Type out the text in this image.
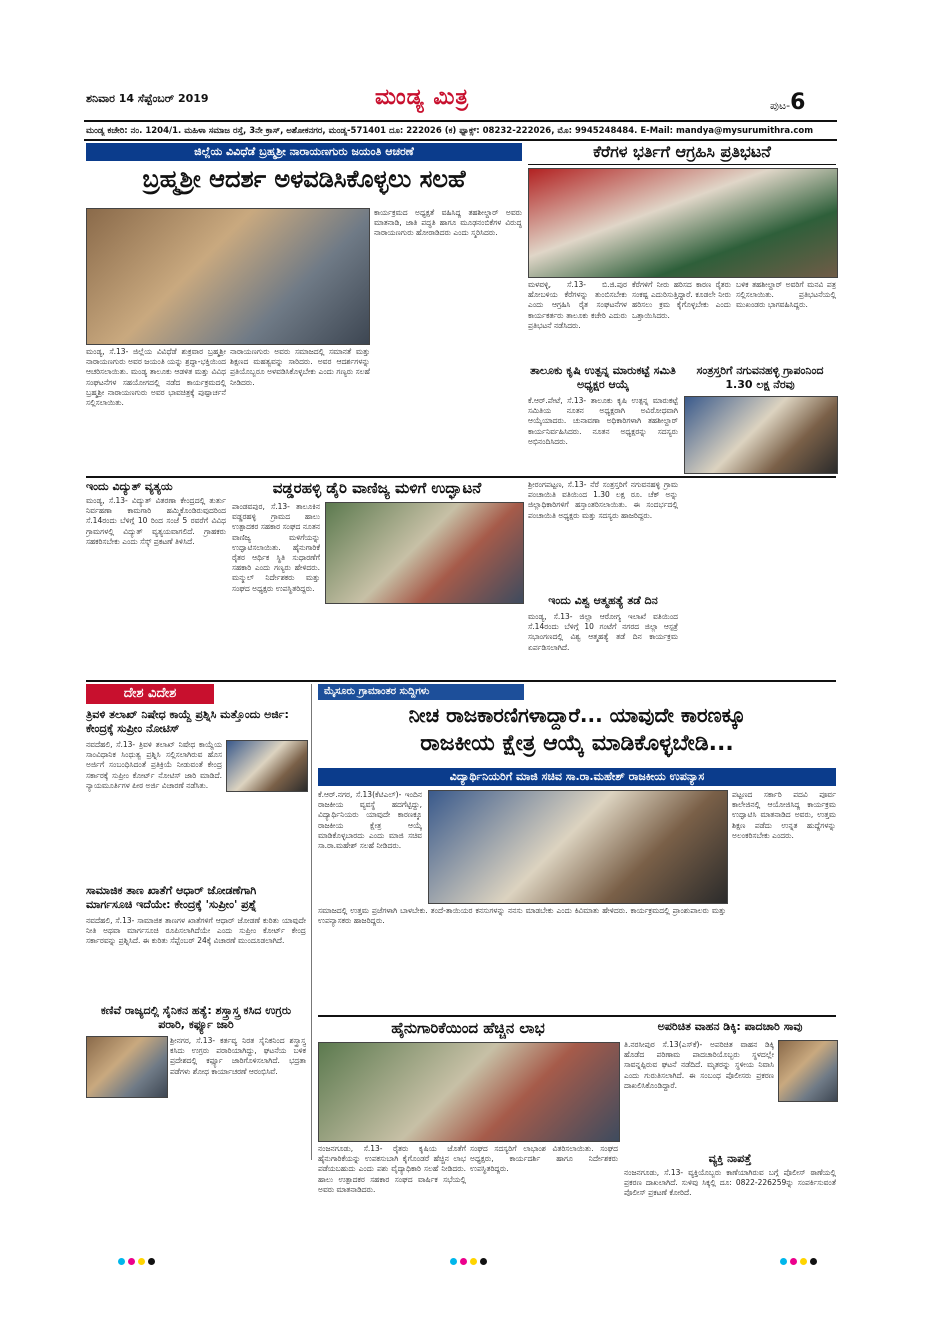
ಶನಿವಾರ 14 ಸೆಪ್ಟೆಂಬರ್ 2019	ಮಂಡ್ಯ ಮಿತ್ರ	ಪುಟ-6
ಮಂಡ್ಯ ಕಚೇರಿ: ನಂ. 1204/1. ಮಹಿಳಾ ಸಮಾಜ ರಸ್ತೆ, 3ನೇ ಕ್ರಾಸ್, ಅಶೋಕನಗರ, ಮಂಡ್ಯ-571401 ದೂ: 222026 (ಕ) ಫ್ಯಾಕ್ಸ್: 08232-222026, ಮೊ: 9945248484. E-Mail: mandya@mysurumithra.com
ಜಿಲ್ಲೆಯ ವಿವಿಧೆಡೆ ಬ್ರಹ್ಮಶ್ರೀ ನಾರಾಯಣಗುರು ಜಯಂತಿ ಆಚರಣೆ
ಬ್ರಹ್ಮಶ್ರೀ ಆದರ್ಶ ಅಳವಡಿಸಿಕೊಳ್ಳಲು ಸಲಹೆ
ಮಂಡ್ಯ, ಸೆ.13- ಜಿಲ್ಲೆಯ ವಿವಿಧೆಡೆ ಶುಕ್ರವಾರ ಬ್ರಹ್ಮಶ್ರೀ ನಾರಾಯಣಗುರು ಅವರ ಜಯಂತಿ ಯನ್ನು ಶ್ರದ್ಧಾ-ಭಕ್ತಿಯಿಂದ ಆಚರಿಸಲಾಯಿತು. ಮಂಡ್ಯ ತಾಲೂಕು ಆಡಳಿತ ಮತ್ತು ವಿವಿಧ ಸಂಘಟನೆಗಳ ಸಹಯೋಗದಲ್ಲಿ ನಡೆದ ಕಾರ್ಯಕ್ರಮದಲ್ಲಿ ಬ್ರಹ್ಮಶ್ರೀ ನಾರಾಯಣಗುರು ಅವರ ಭಾವಚಿತ್ರಕ್ಕೆ ಪುಷ್ಪಾರ್ಚನೆ ಸಲ್ಲಿಸಲಾಯಿತು.
ನಾರಾಯಣಗುರು ಅವರು ಸಮಾಜದಲ್ಲಿ ಸಮಾನತೆ ಮತ್ತು ಶಿಕ್ಷಣದ ಮಹತ್ವವನ್ನು ಸಾರಿದರು. ಅವರ ಆದರ್ಶಗಳನ್ನು ಪ್ರತಿಯೊಬ್ಬರೂ ಅಳವಡಿಸಿಕೊಳ್ಳಬೇಕು ಎಂದು ಗಣ್ಯರು ಸಲಹೆ ನೀಡಿದರು.
ಕಾರ್ಯಕ್ರಮದ ಅಧ್ಯಕ್ಷತೆ ವಹಿಸಿದ್ದ ತಹಶೀಲ್ದಾರ್ ಅವರು ಮಾತನಾಡಿ, ಜಾತಿ ಪದ್ಧತಿ ಹಾಗೂ ಮೂಢನಂಬಿಕೆಗಳ ವಿರುದ್ಧ ನಾರಾಯಣಗುರು ಹೋರಾಡಿದರು ಎಂದು ಸ್ಮರಿಸಿದರು.
ಕೆರೆಗಳ ಭರ್ತಿಗೆ ಆಗ್ರಹಿಸಿ ಪ್ರತಿಭಟನೆ
ಮಳವಳ್ಳಿ, ಸೆ.13- ಬಿ.ಜಿ.ಪುರ ಹೋಬಳಿಯ ಕೆರೆಗಳನ್ನು ತುಂಬಿಸಬೇಕು ಎಂದು ಆಗ್ರಹಿಸಿ ರೈತ ಸಂಘಟನೆಗಳ ಕಾರ್ಯಕರ್ತರು ತಾಲೂಕು ಕಚೇರಿ ಎದುರು ಪ್ರತಿಭಟನೆ ನಡೆಸಿದರು.
ಕೆರೆಗಳಿಗೆ ನೀರು ಹರಿಸದ ಕಾರಣ ರೈತರು ಸಂಕಷ್ಟ ಎದುರಿಸುತ್ತಿದ್ದಾರೆ. ಕೂಡಲೇ ನೀರು ಹರಿಸಲು ಕ್ರಮ ಕೈಗೊಳ್ಳಬೇಕು ಎಂದು ಒತ್ತಾಯಿಸಿದರು.
ಬಳಿಕ ತಹಶೀಲ್ದಾರ್ ಅವರಿಗೆ ಮನವಿ ಪತ್ರ ಸಲ್ಲಿಸಲಾಯಿತು. ಪ್ರತಿಭಟನೆಯಲ್ಲಿ ಮುಖಂಡರು ಭಾಗವಹಿಸಿದ್ದರು.
ತಾಲೂಕು ಕೃಷಿ ಉತ್ಪನ್ನ ಮಾರುಕಟ್ಟೆ ಸಮಿತಿ ಅಧ್ಯಕ್ಷರ ಆಯ್ಕೆ
ಕೆ.ಆರ್.ಪೇಟೆ, ಸೆ.13- ತಾಲೂಕು ಕೃಷಿ ಉತ್ಪನ್ನ ಮಾರುಕಟ್ಟೆ ಸಮಿತಿಯ ನೂತನ ಅಧ್ಯಕ್ಷರಾಗಿ ಅವಿರೋಧವಾಗಿ ಆಯ್ಕೆಯಾದರು. ಚುನಾವಣಾ ಅಧಿಕಾರಿಗಳಾಗಿ ತಹಶೀಲ್ದಾರ್ ಕಾರ್ಯನಿರ್ವಹಿಸಿದರು. ನೂತನ ಅಧ್ಯಕ್ಷರನ್ನು ಸದಸ್ಯರು ಅಭಿನಂದಿಸಿದರು.
ಸಂತ್ರಸ್ತರಿಗೆ ನಗುವನಹಳ್ಳಿ ಗ್ರಾಪಂನಿಂದ 1.30 ಲಕ್ಷ ನೆರವು
ಇಂದು ವಿದ್ಯುತ್ ವ್ಯತ್ಯಯ
ಮಂಡ್ಯ, ಸೆ.13- ವಿದ್ಯುತ್ ವಿತರಣಾ ಕೇಂದ್ರದಲ್ಲಿ ತುರ್ತು ನಿರ್ವಹಣಾ ಕಾಮಗಾರಿ ಹಮ್ಮಿಕೊಂಡಿರುವುದರಿಂದ ಸೆ.14ರಂದು ಬೆಳಿಗ್ಗೆ 10 ರಿಂದ ಸಂಜೆ 5 ರವರೆಗೆ ವಿವಿಧ ಗ್ರಾಮಗಳಲ್ಲಿ ವಿದ್ಯುತ್ ವ್ಯತ್ಯಯವಾಗಲಿದೆ. ಗ್ರಾಹಕರು ಸಹಕರಿಸಬೇಕು ಎಂದು ಸೆಸ್ಕ್ ಪ್ರಕಟಣೆ ತಿಳಿಸಿದೆ.
ವಡ್ಡರಹಳ್ಳಿ ಡೈರಿ ವಾಣಿಜ್ಯ ಮಳಿಗೆ ಉದ್ಘಾಟನೆ
ಪಾಂಡವಪುರ, ಸೆ.13- ತಾಲೂಕಿನ ವಡ್ಡರಹಳ್ಳಿ ಗ್ರಾಮದ ಹಾಲು ಉತ್ಪಾದಕರ ಸಹಕಾರ ಸಂಘದ ನೂತನ ವಾಣಿಜ್ಯ ಮಳಿಗೆಯನ್ನು ಉದ್ಘಾಟಿಸಲಾಯಿತು. ಹೈನುಗಾರಿಕೆ ರೈತರ ಆರ್ಥಿಕ ಸ್ಥಿತಿ ಸುಧಾರಣೆಗೆ ಸಹಕಾರಿ ಎಂದು ಗಣ್ಯರು ಹೇಳಿದರು. ಮನ್ಮುಲ್ ನಿರ್ದೇಶಕರು ಮತ್ತು ಸಂಘದ ಅಧ್ಯಕ್ಷರು ಉಪಸ್ಥಿತರಿದ್ದರು.
ಶ್ರೀರಂಗಪಟ್ಟಣ, ಸೆ.13- ನೆರೆ ಸಂತ್ರಸ್ತರಿಗೆ ನಗುವನಹಳ್ಳಿ ಗ್ರಾಮ ಪಂಚಾಯಿತಿ ವತಿಯಿಂದ 1.30 ಲಕ್ಷ ರೂ. ಚೆಕ್ ಅನ್ನು ಜಿಲ್ಲಾಧಿಕಾರಿಗಳಿಗೆ ಹಸ್ತಾಂತರಿಸಲಾಯಿತು. ಈ ಸಂದರ್ಭದಲ್ಲಿ ಪಂಚಾಯಿತಿ ಅಧ್ಯಕ್ಷರು ಮತ್ತು ಸದಸ್ಯರು ಹಾಜರಿದ್ದರು.
ಇಂದು ವಿಶ್ವ ಆತ್ಮಹತ್ಯೆ ತಡೆ ದಿನ
ಮಂಡ್ಯ, ಸೆ.13- ಜಿಲ್ಲಾ ಆರೋಗ್ಯ ಇಲಾಖೆ ವತಿಯಿಂದ ಸೆ.14ರಂದು ಬೆಳಿಗ್ಗೆ 10 ಗಂಟೆಗೆ ನಗರದ ಜಿಲ್ಲಾ ಆಸ್ಪತ್ರೆ ಸಭಾಂಗಣದಲ್ಲಿ ವಿಶ್ವ ಆತ್ಮಹತ್ಯೆ ತಡೆ ದಿನ ಕಾರ್ಯಕ್ರಮ ಏರ್ಪಡಿಸಲಾಗಿದೆ.
ದೇಶ ವಿದೇಶ
ತ್ರಿವಳಿ ತಲಾಖ್ ನಿಷೇಧ ಕಾಯ್ದೆ ಪ್ರಶ್ನಿಸಿ ಮತ್ತೊಂದು ಅರ್ಜಿ: ಕೇಂದ್ರಕ್ಕೆ ಸುಪ್ರೀಂ ನೋಟಿಸ್
ನವದೆಹಲಿ, ಸೆ.13- ತ್ರಿವಳಿ ತಲಾಖ್ ನಿಷೇಧ ಕಾಯ್ದೆಯ ಸಾಂವಿಧಾನಿಕ ಸಿಂಧುತ್ವ ಪ್ರಶ್ನಿಸಿ ಸಲ್ಲಿಸಲಾಗಿರುವ ಹೊಸ ಅರ್ಜಿಗೆ ಸಂಬಂಧಿಸಿದಂತೆ ಪ್ರತಿಕ್ರಿಯೆ ನೀಡುವಂತೆ ಕೇಂದ್ರ ಸರ್ಕಾರಕ್ಕೆ ಸುಪ್ರೀಂ ಕೋರ್ಟ್ ನೋಟಿಸ್ ಜಾರಿ ಮಾಡಿದೆ. ನ್ಯಾಯಮೂರ್ತಿಗಳ ಪೀಠ ಅರ್ಜಿ ವಿಚಾರಣೆ ನಡೆಸಿತು.
ಸಾಮಾಜಿಕ ತಾಣ ಖಾತೆಗೆ ಆಧಾರ್ ಜೋಡಣೆಗಾಗಿ ಮಾರ್ಗಸೂಚಿ ಇದೆಯೇ: ಕೇಂದ್ರಕ್ಕೆ 'ಸುಪ್ರೀಂ' ಪ್ರಶ್ನೆ
ನವದೆಹಲಿ, ಸೆ.13- ಸಾಮಾಜಿಕ ತಾಣಗಳ ಖಾತೆಗಳಿಗೆ ಆಧಾರ್ ಜೋಡಣೆ ಕುರಿತು ಯಾವುದೇ ನೀತಿ ಅಥವಾ ಮಾರ್ಗಸೂಚಿ ರೂಪಿಸಲಾಗಿದೆಯೇ ಎಂದು ಸುಪ್ರೀಂ ಕೋರ್ಟ್ ಕೇಂದ್ರ ಸರ್ಕಾರವನ್ನು ಪ್ರಶ್ನಿಸಿದೆ. ಈ ಕುರಿತು ಸೆಪ್ಟೆಂಬರ್ 24ಕ್ಕೆ ವಿಚಾರಣೆ ಮುಂದೂಡಲಾಗಿದೆ.
ಕಣಿವೆ ರಾಜ್ಯದಲ್ಲಿ ಸೈನಿಕನ ಹತ್ಯೆ: ಶಸ್ತ್ರಾಸ್ತ್ರ ಕಸಿದ ಉಗ್ರರು ಪರಾರಿ, ಕರ್ಫ್ಯೂ ಜಾರಿ
ಶ್ರೀನಗರ, ಸೆ.13- ಕರ್ತವ್ಯ ನಿರತ ಸೈನಿಕನಿಂದ ಶಸ್ತ್ರಾಸ್ತ್ರ ಕಸಿದು ಉಗ್ರರು ಪರಾರಿಯಾಗಿದ್ದು, ಘಟನೆಯ ಬಳಿಕ ಪ್ರದೇಶದಲ್ಲಿ ಕರ್ಫ್ಯೂ ಜಾರಿಗೊಳಿಸಲಾಗಿದೆ. ಭದ್ರತಾ ಪಡೆಗಳು ಶೋಧ ಕಾರ್ಯಾಚರಣೆ ಆರಂಭಿಸಿವೆ.
ಮೈಸೂರು ಗ್ರಾಮಾಂತರ ಸುದ್ದಿಗಳು
ನೀಚ ರಾಜಕಾರಣಿಗಳಾದ್ದಾರೆ... ಯಾವುದೇ ಕಾರಣಕ್ಕೂ
ರಾಜಕೀಯ ಕ್ಷೇತ್ರ ಆಯ್ಕೆ ಮಾಡಿಕೊಳ್ಳಬೇಡಿ...
ವಿದ್ಯಾರ್ಥಿನಿಯರಿಗೆ ಮಾಜಿ ಸಚಿವ ಸಾ.ರಾ.ಮಹೇಶ್ ರಾಜಕೀಯ ಉಪನ್ಯಾಸ
ಕೆ.ಆರ್.ನಗರ, ಸೆ.13(ಕೆಟಿಎಲ್)- ಇಂದಿನ ರಾಜಕೀಯ ವ್ಯವಸ್ಥೆ ಹದಗೆಟ್ಟಿದ್ದು, ವಿದ್ಯಾರ್ಥಿನಿಯರು ಯಾವುದೇ ಕಾರಣಕ್ಕೂ ರಾಜಕೀಯ ಕ್ಷೇತ್ರ ಆಯ್ಕೆ ಮಾಡಿಕೊಳ್ಳಬಾರದು ಎಂದು ಮಾಜಿ ಸಚಿವ ಸಾ.ರಾ.ಮಹೇಶ್ ಸಲಹೆ ನೀಡಿದರು.
ಪಟ್ಟಣದ ಸರ್ಕಾರಿ ಪದವಿ ಪೂರ್ವ ಕಾಲೇಜಿನಲ್ಲಿ ಆಯೋಜಿಸಿದ್ದ ಕಾರ್ಯಕ್ರಮ ಉದ್ಘಾಟಿಸಿ ಮಾತನಾಡಿದ ಅವರು, ಉತ್ತಮ ಶಿಕ್ಷಣ ಪಡೆದು ಉನ್ನತ ಹುದ್ದೆಗಳನ್ನು ಅಲಂಕರಿಸಬೇಕು ಎಂದರು.
ಸಮಾಜದಲ್ಲಿ ಉತ್ತಮ ಪ್ರಜೆಗಳಾಗಿ ಬಾಳಬೇಕು. ತಂದೆ-ತಾಯಿಯರ ಕನಸುಗಳನ್ನು ನನಸು ಮಾಡಬೇಕು ಎಂದು ಕಿವಿಮಾತು ಹೇಳಿದರು. ಕಾರ್ಯಕ್ರಮದಲ್ಲಿ ಪ್ರಾಂಶುಪಾಲರು ಮತ್ತು ಉಪನ್ಯಾಸಕರು ಹಾಜರಿದ್ದರು.
ಹೈನುಗಾರಿಕೆಯಿಂದ ಹೆಚ್ಚಿನ ಲಾಭ
ನಂಜನಗೂಡು, ಸೆ.13- ರೈತರು ಕೃಷಿಯ ಜೊತೆಗೆ ಹೈನುಗಾರಿಕೆಯನ್ನು ಉಪಕಸುಬಾಗಿ ಕೈಗೊಂಡರೆ ಹೆಚ್ಚಿನ ಲಾಭ ಪಡೆಯಬಹುದು ಎಂದು ಪಶು ವೈದ್ಯಾಧಿಕಾರಿ ಸಲಹೆ ನೀಡಿದರು. ಹಾಲು ಉತ್ಪಾದಕರ ಸಹಕಾರ ಸಂಘದ ವಾರ್ಷಿಕ ಸಭೆಯಲ್ಲಿ ಅವರು ಮಾತನಾಡಿದರು.
ಸಂಘದ ಸದಸ್ಯರಿಗೆ ಲಾಭಾಂಶ ವಿತರಿಸಲಾಯಿತು. ಸಂಘದ ಅಧ್ಯಕ್ಷರು, ಕಾರ್ಯದರ್ಶಿ ಹಾಗೂ ನಿರ್ದೇಶಕರು ಉಪಸ್ಥಿತರಿದ್ದರು.
ಅಪರಿಚಿತ ವಾಹನ ಡಿಕ್ಕಿ: ಪಾದಚಾರಿ ಸಾವು
ತಿ.ನರಸೀಪುರ ಸೆ.13(ಎಸ್‌ಕೆ)- ಅಪರಿಚಿತ ವಾಹನ ಡಿಕ್ಕಿ ಹೊಡೆದ ಪರಿಣಾಮ ಪಾದಚಾರಿಯೊಬ್ಬರು ಸ್ಥಳದಲ್ಲೇ ಸಾವನ್ನಪ್ಪಿರುವ ಘಟನೆ ನಡೆದಿದೆ. ಮೃತರನ್ನು ಸ್ಥಳೀಯ ನಿವಾಸಿ ಎಂದು ಗುರುತಿಸಲಾಗಿದೆ. ಈ ಸಂಬಂಧ ಪೊಲೀಸರು ಪ್ರಕರಣ ದಾಖಲಿಸಿಕೊಂಡಿದ್ದಾರೆ.
ವ್ಯಕ್ತಿ ನಾಪತ್ತೆ
ನಂಜನಗೂಡು, ಸೆ.13- ವ್ಯಕ್ತಿಯೊಬ್ಬರು ಕಾಣೆಯಾಗಿರುವ ಬಗ್ಗೆ ಪೊಲೀಸ್ ಠಾಣೆಯಲ್ಲಿ ಪ್ರಕರಣ ದಾಖಲಾಗಿದೆ. ಸುಳಿವು ಸಿಕ್ಕಲ್ಲಿ ದೂ: 0822-226259ನ್ನು ಸಂಪರ್ಕಿಸುವಂತೆ ಪೊಲೀಸ್ ಪ್ರಕಟಣೆ ಕೋರಿದೆ.
